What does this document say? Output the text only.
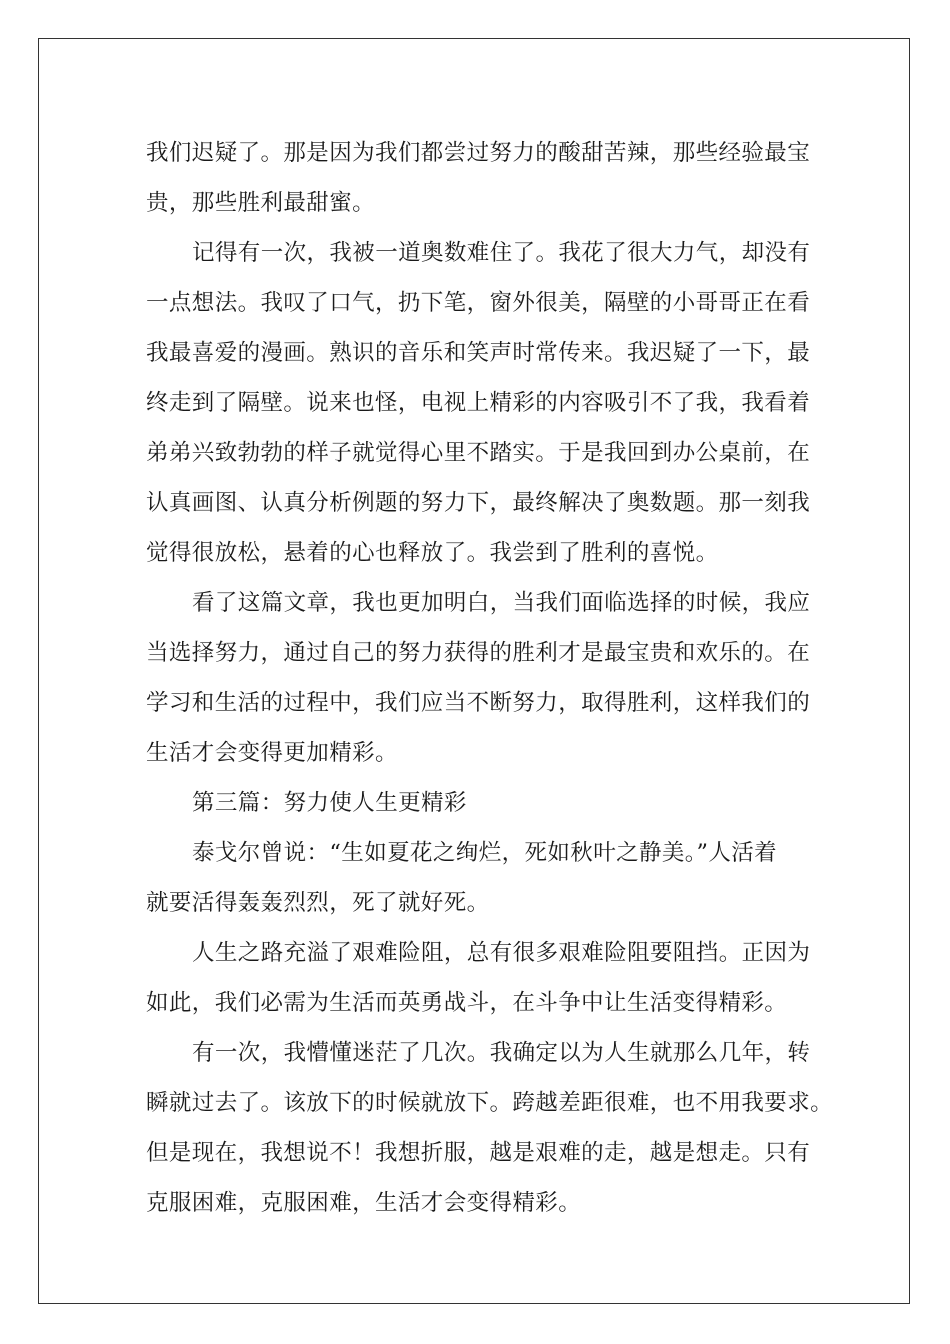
我们迟疑了。那是因为我们都尝过努力的酸甜苦辣，那些经验最宝
贵，那些胜利最甜蜜。
记得有一次，我被一道奥数难住了。我花了很大力气，却没有
一点想法。我叹了口气，扔下笔，窗外很美，隔壁的小哥哥正在看
我最喜爱的漫画。熟识的音乐和笑声时常传来。我迟疑了一下，最
终走到了隔壁。说来也怪，电视上精彩的内容吸引不了我，我看着
弟弟兴致勃勃的样子就觉得心里不踏实。于是我回到办公桌前，在
认真画图、认真分析例题的努力下，最终解决了奥数题。那一刻我
觉得很放松，悬着的心也释放了。我尝到了胜利的喜悦。
看了这篇文章，我也更加明白，当我们面临选择的时候，我应
当选择努力，通过自己的努力获得的胜利才是最宝贵和欢乐的。在
学习和生活的过程中，我们应当不断努力，取得胜利，这样我们的
生活才会变得更加精彩。
第三篇：努力使人生更精彩
泰戈尔曾说：“生如夏花之绚烂，死如秋叶之静美。”人活着
就要活得轰轰烈烈，死了就好死。
人生之路充溢了艰难险阻，总有很多艰难险阻要阻挡。正因为
如此，我们必需为生活而英勇战斗，在斗争中让生活变得精彩。
有一次，我懵懂迷茫了几次。我确定以为人生就那么几年，转
瞬就过去了。该放下的时候就放下。跨越差距很难，也不用我要求。
但是现在，我想说不！我想折服，越是艰难的走，越是想走。只有
克服困难，克服困难，生活才会变得精彩。
